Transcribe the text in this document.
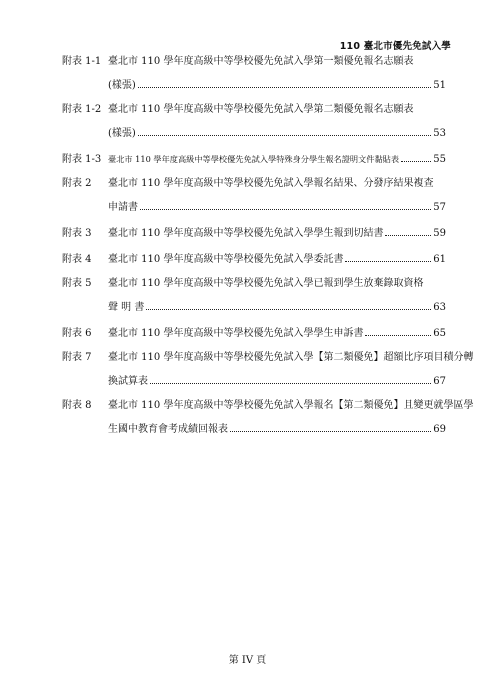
110 臺北市優先免試入學
附表 1-1 臺北市 110 學年度高級中等學校優先免試入學第一類優免報名志願表
(樣張)	51
附表 1-2 臺北市 110 學年度高級中等學校優先免試入學第二類優免報名志願表
(樣張)	53
附表 1-3 臺北市 110 學年度高級中等學校優先免試入學特殊身分學生報名證明文件黏貼表	55
附表 2	臺北市 110 學年度高級中等學校優先免試入學報名結果、分發序結果複查
申請書	57
附表 3	臺北市 110 學年度高級中等學校優先免試入學學生報到切結書	59
附表 4	臺北市 110 學年度高級中等學校優先免試入學委託書	61
附表 5	臺北市 110 學年度高級中等學校優先免試入學已報到學生放棄錄取資格
聲 明 書	63
附表 6	臺北市 110 學年度高級中等學校優先免試入學學生申訴書	65
附表 7	臺北市 110 學年度高級中等學校優先免試入學【第二類優免】超額比序項目積分轉
換試算表	67
附表 8	臺北市 110 學年度高級中等學校優先免試入學報名【第二類優免】且變更就學區學
生國中教育會考成績回報表	69
第 IV 頁
